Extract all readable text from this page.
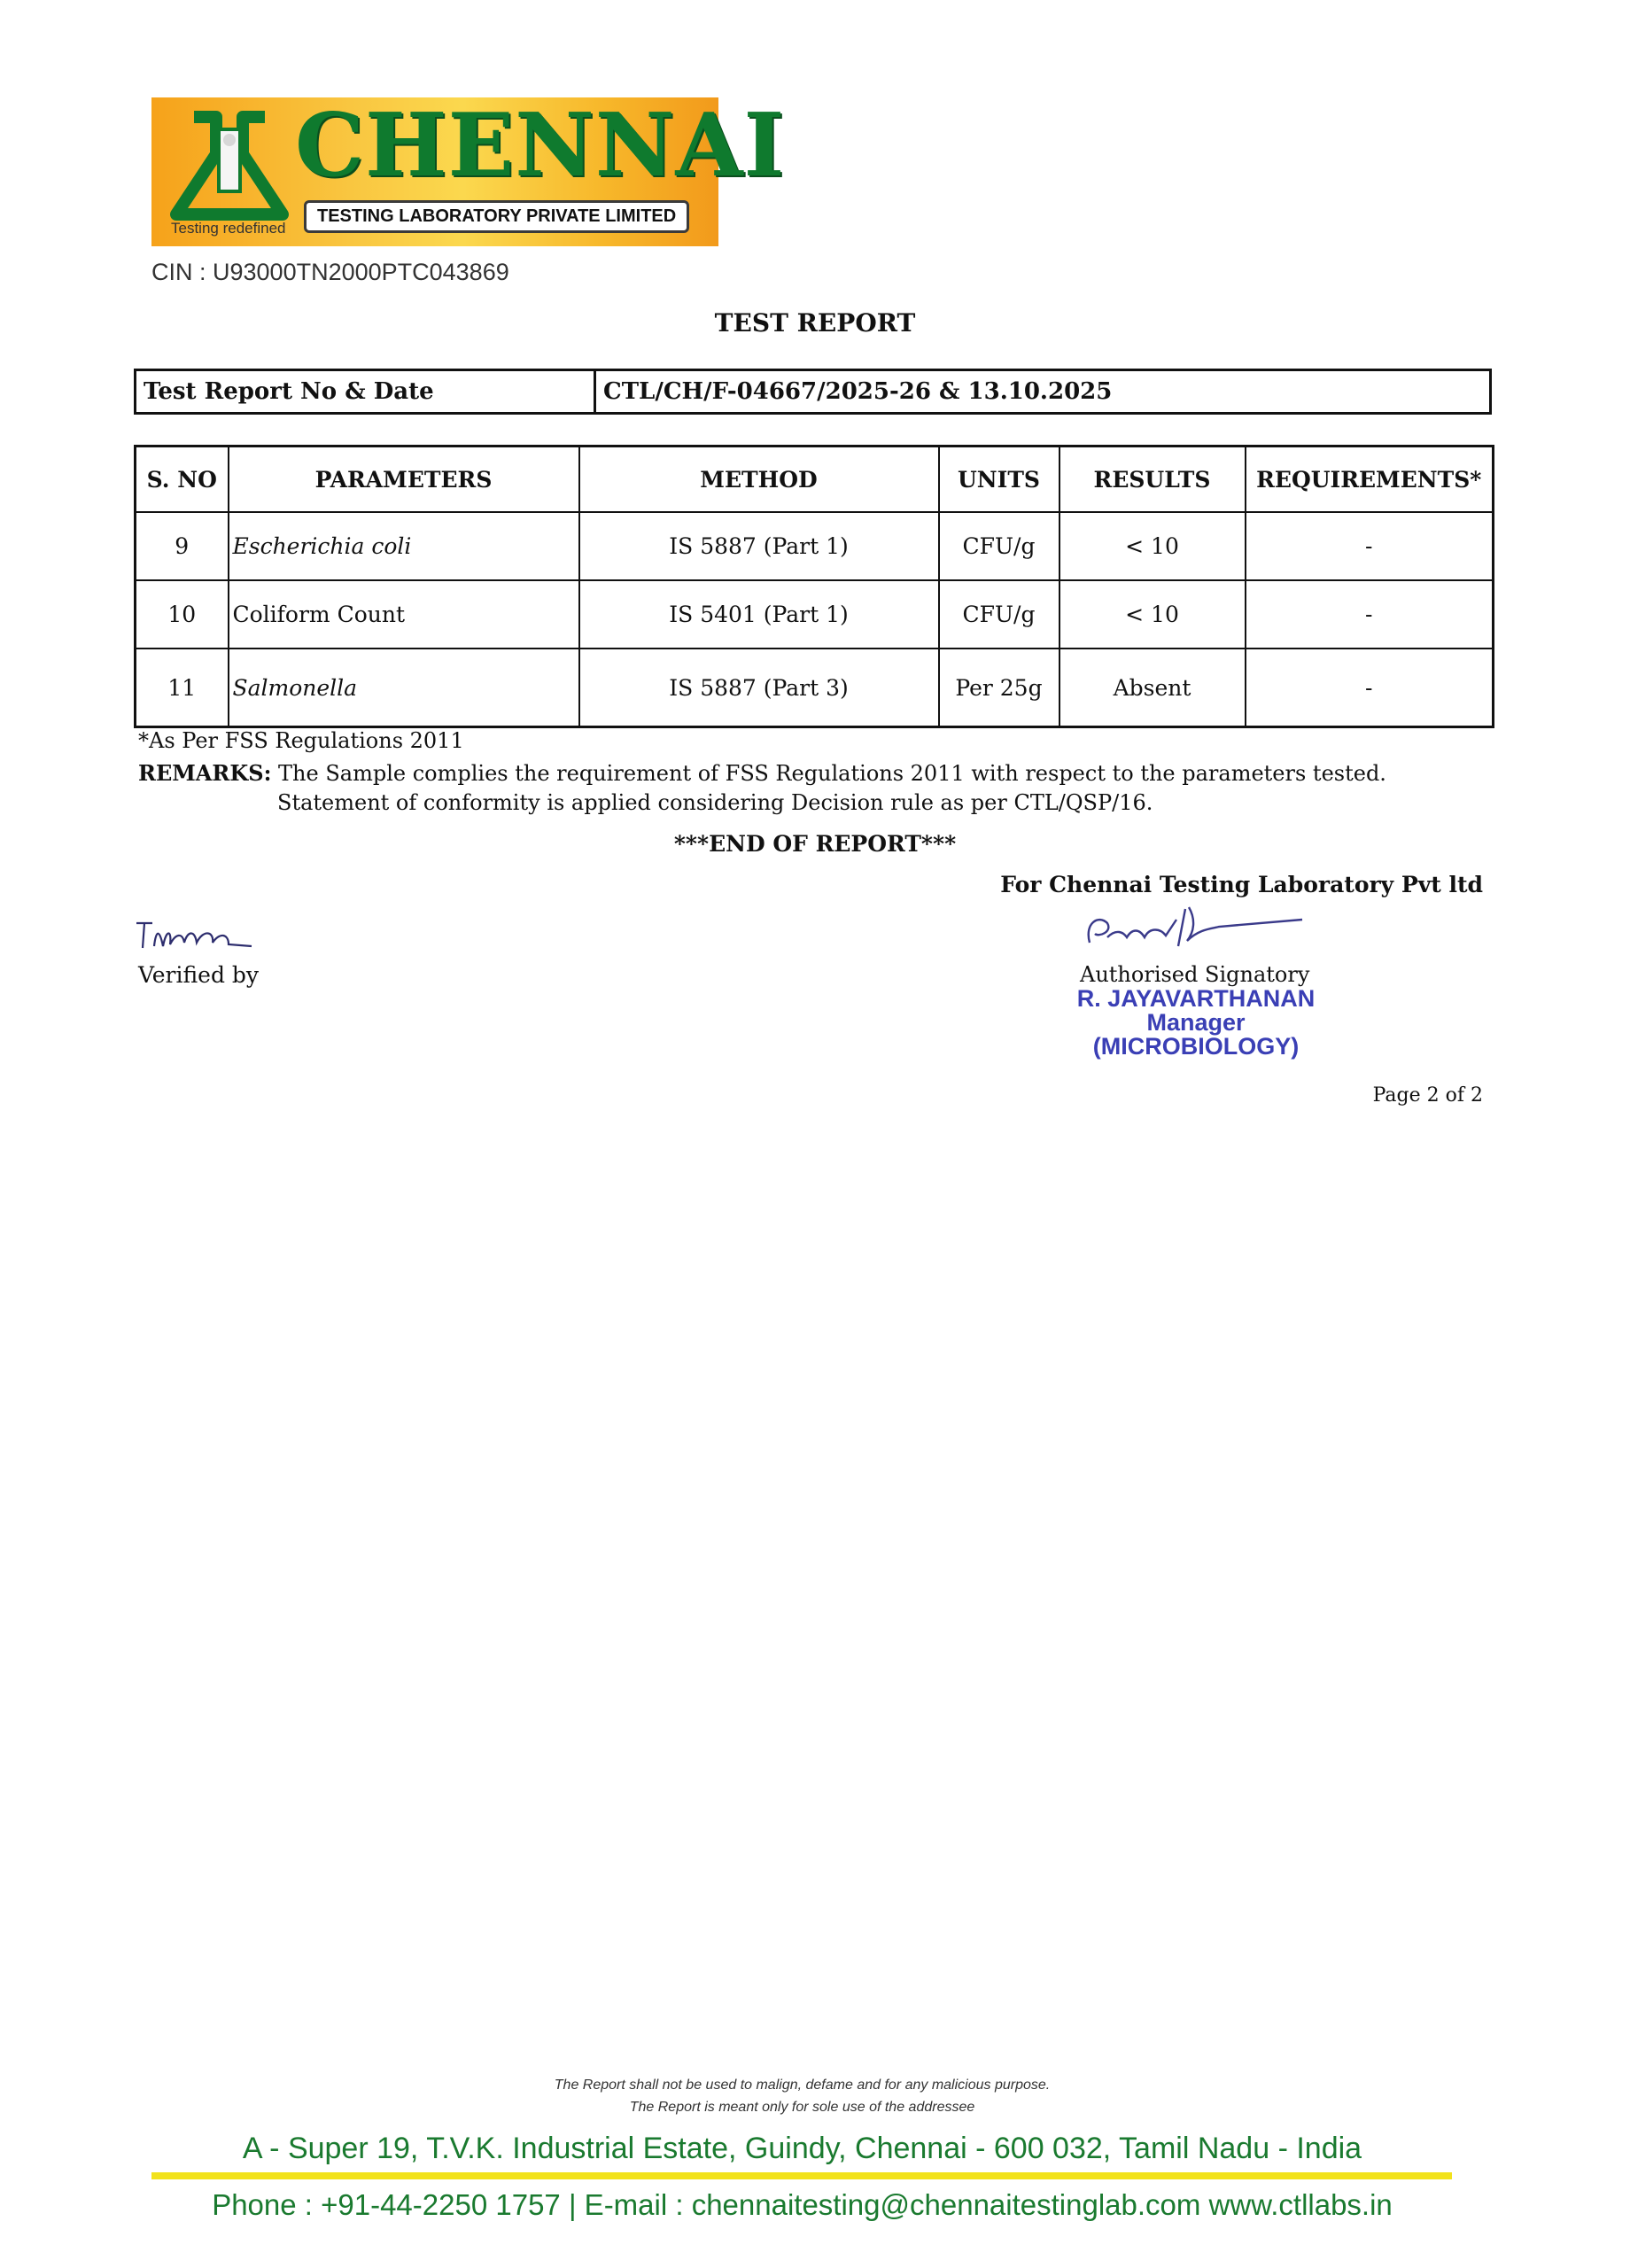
CHENNAI
TESTING LABORATORY PRIVATE LIMITED
Testing redefined
CIN : U93000TN2000PTC043869
TEST REPORT
Test Report No & Date	CTL/CH/F-04667/2025-26 & 13.10.2025
S. NO	PARAMETERS	METHOD	UNITS	RESULTS	REQUIREMENTS*
9	Escherichia coli	IS 5887 (Part 1)	CFU/g	< 10	-
10	Coliform Count	IS 5401 (Part 1)	CFU/g	< 10	-
11	Salmonella	IS 5887 (Part 3)	Per 25g	Absent	-
*As Per FSS Regulations 2011
REMARKS: The Sample complies the requirement of FSS Regulations 2011 with respect to the parameters tested.
Statement of conformity is applied considering Decision rule as per CTL/QSP/16.
***END OF REPORT***
For Chennai Testing Laboratory Pvt ltd
Verified by	Authorised Signatory
R. JAYAVARTHANAN
Manager
(MICROBIOLOGY)
Page 2 of 2
The Report shall not be used to malign, defame and for any malicious purpose.
The Report is meant only for sole use of the addressee
A - Super 19, T.V.K. Industrial Estate, Guindy, Chennai - 600 032, Tamil Nadu - India
Phone : +91-44-2250 1757 | E-mail : chennaitesting@chennaitestinglab.com www.ctllabs.in
